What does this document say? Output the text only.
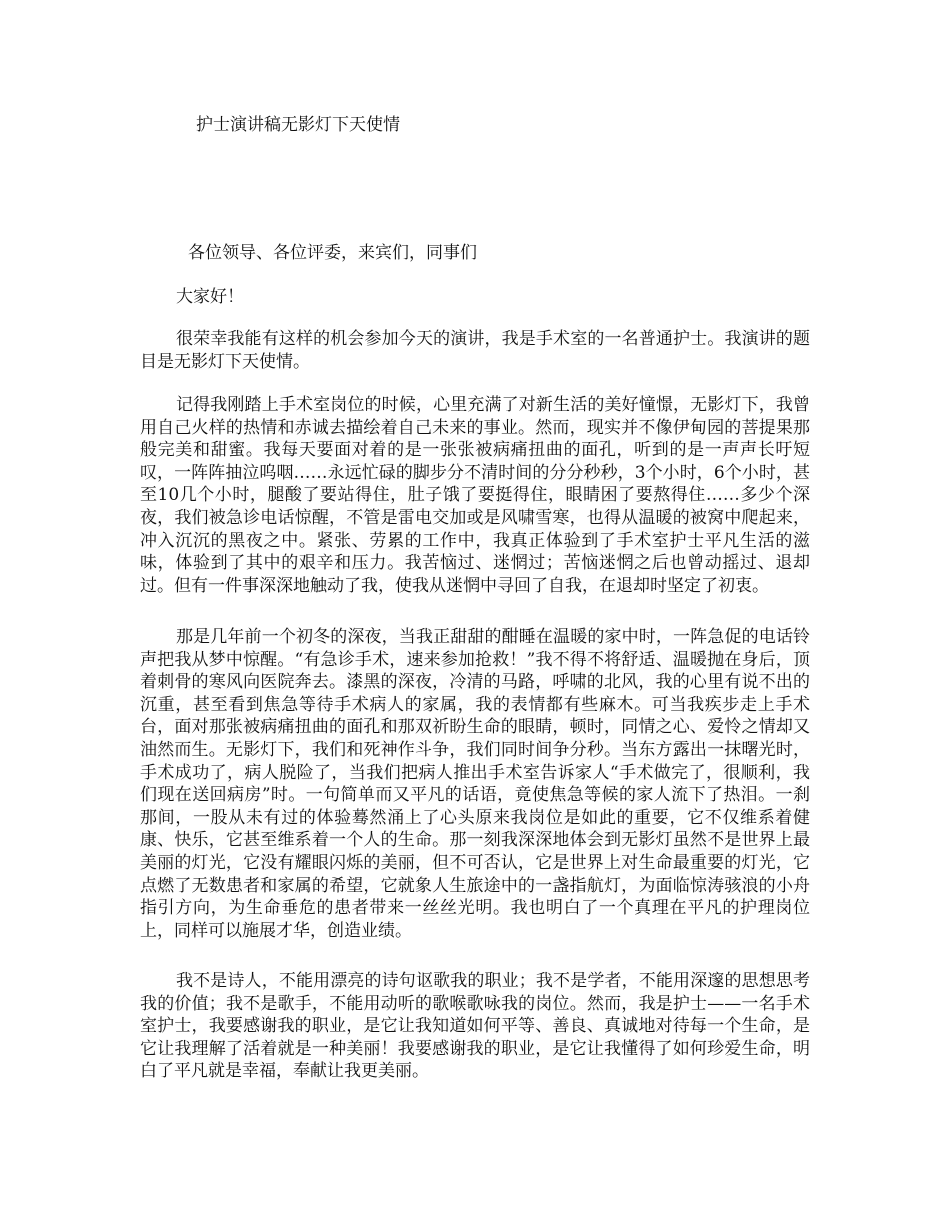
护士演讲稿无影灯下天使情

各位领导、各位评委，来宾们，同事们

大家好！

很荣幸我能有这样的机会参加今天的演讲，我是手术室的一名普通护士。我演讲的题目是无影灯下天使情。

记得我刚踏上手术室岗位的时候，心里充满了对新生活的美好憧憬，无影灯下，我曾用自己火样的热情和赤诚去描绘着自己未来的事业。然而，现实并不像伊甸园的菩提果那般完美和甜蜜。我每天要面对着的是一张张被病痛扭曲的面孔，听到的是一声声长吁短叹，一阵阵抽泣呜咽……永远忙碌的脚步分不清时间的分分秒秒，3个小时，6个小时，甚至10几个小时，腿酸了要站得住，肚子饿了要挺得住，眼睛困了要熬得住……多少个深夜，我们被急诊电话惊醒，不管是雷电交加或是风啸雪寒，也得从温暖的被窝中爬起来，冲入沉沉的黑夜之中。紧张、劳累的工作中，我真正体验到了手术室护士平凡生活的滋味，体验到了其中的艰辛和压力。我苦恼过、迷惘过；苦恼迷惘之后也曾动摇过、退却过。但有一件事深深地触动了我，使我从迷惘中寻回了自我，在退却时坚定了初衷。

那是几年前一个初冬的深夜，当我正甜甜的酣睡在温暖的家中时，一阵急促的电话铃声把我从梦中惊醒。“有急诊手术，速来参加抢救！”我不得不将舒适、温暖抛在身后，顶着刺骨的寒风向医院奔去。漆黑的深夜，冷清的马路，呼啸的北风，我的心里有说不出的沉重，甚至看到焦急等待手术病人的家属，我的表情都有些麻木。可当我疾步走上手术台，面对那张被病痛扭曲的面孔和那双祈盼生命的眼睛，顿时，同情之心、爱怜之情却又油然而生。无影灯下，我们和死神作斗争，我们同时间争分秒。当东方露出一抹曙光时，手术成功了，病人脱险了，当我们把病人推出手术室告诉家人“手术做完了，很顺利，我们现在送回病房”时。一句简单而又平凡的话语，竟使焦急等候的家人流下了热泪。一刹那间，一股从未有过的体验蓦然涌上了心头原来我岗位是如此的重要，它不仅维系着健康、快乐，它甚至维系着一个人的生命。那一刻我深深地体会到无影灯虽然不是世界上最美丽的灯光，它没有耀眼闪烁的美丽，但不可否认，它是世界上对生命最重要的灯光，它点燃了无数患者和家属的希望，它就象人生旅途中的一盏指航灯，为面临惊涛骇浪的小舟指引方向，为生命垂危的患者带来一丝丝光明。我也明白了一个真理在平凡的护理岗位上，同样可以施展才华，创造业绩。

我不是诗人，不能用漂亮的诗句讴歌我的职业；我不是学者，不能用深邃的思想思考我的价值；我不是歌手，不能用动听的歌喉歌咏我的岗位。然而，我是护士——一名手术室护士，我要感谢我的职业，是它让我知道如何平等、善良、真诚地对待每一个生命，是它让我理解了活着就是一种美丽！我要感谢我的职业，是它让我懂得了如何珍爱生命，明白了平凡就是幸福，奉献让我更美丽。
